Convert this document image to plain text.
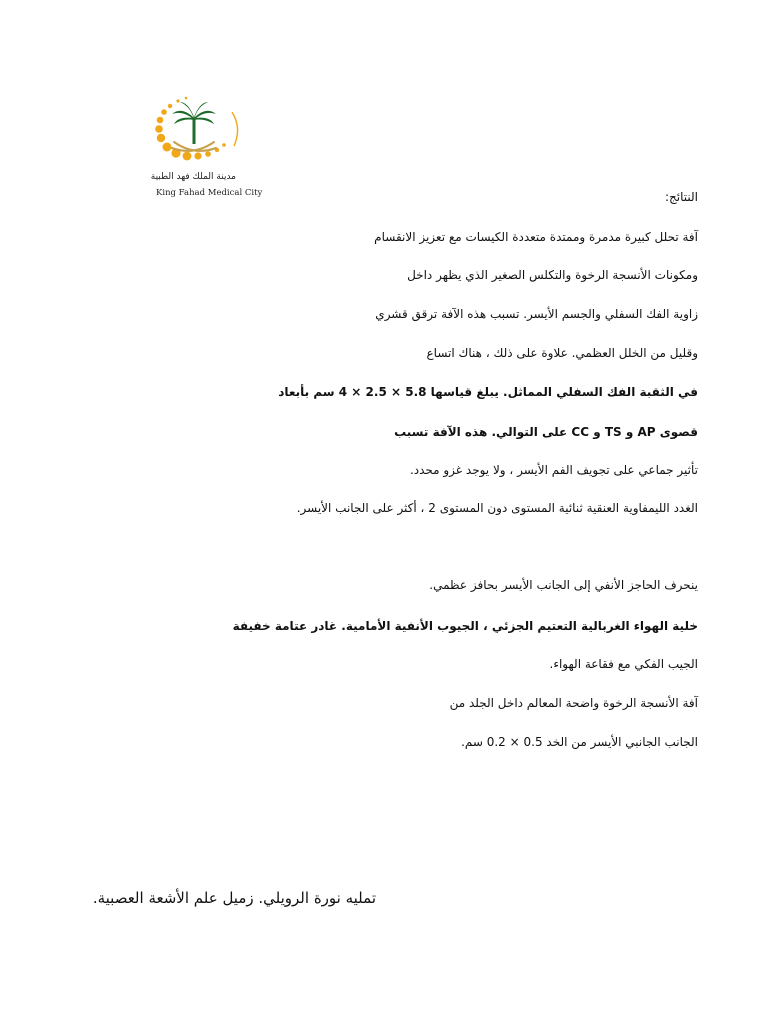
مدينة الملك فهد الطبية
King Fahad Medical City	النتائج:
آفة تحلل كبيرة مدمرة وممتدة متعددة الكيسات مع تعزيز الانقسام
ومكونات الأنسجة الرخوة والتكلس الصغير الذي يظهر داخل
زاوية الفك السفلي والجسم الأيسر. تسبب هذه الآفة ترقق قشري
وقليل من الخلل العظمي. علاوة على ذلك ، هناك اتساع
في الثقبة الفك السفلي المماثل. يبلغ قياسها 5.8 × 2.5 × 4 سم بأبعاد
قصوى AP و TS و CC على التوالي. هذه الآفة تسبب
تأثير جماعي على تجويف الفم الأيسر ، ولا يوجد غزو محدد.
الغدد الليمفاوية العنقية ثنائية المستوى دون المستوى 2 ، أكثر على الجانب الأيسر.
ينحرف الحاجز الأنفي إلى الجانب الأيسر بحافز عظمي.
خلية الهواء الغربالية التعتيم الجزئي ، الجيوب الأنفية الأمامية. غادر عتامة خفيفة
الجيب الفكي مع فقاعة الهواء.
آفة الأنسجة الرخوة واضحة المعالم داخل الجلد من
الجانب الجانبي الأيسر من الخد 0.5 × 0.2 سم.
تمليه نورة الرويلي. زميل علم الأشعة العصبية.
